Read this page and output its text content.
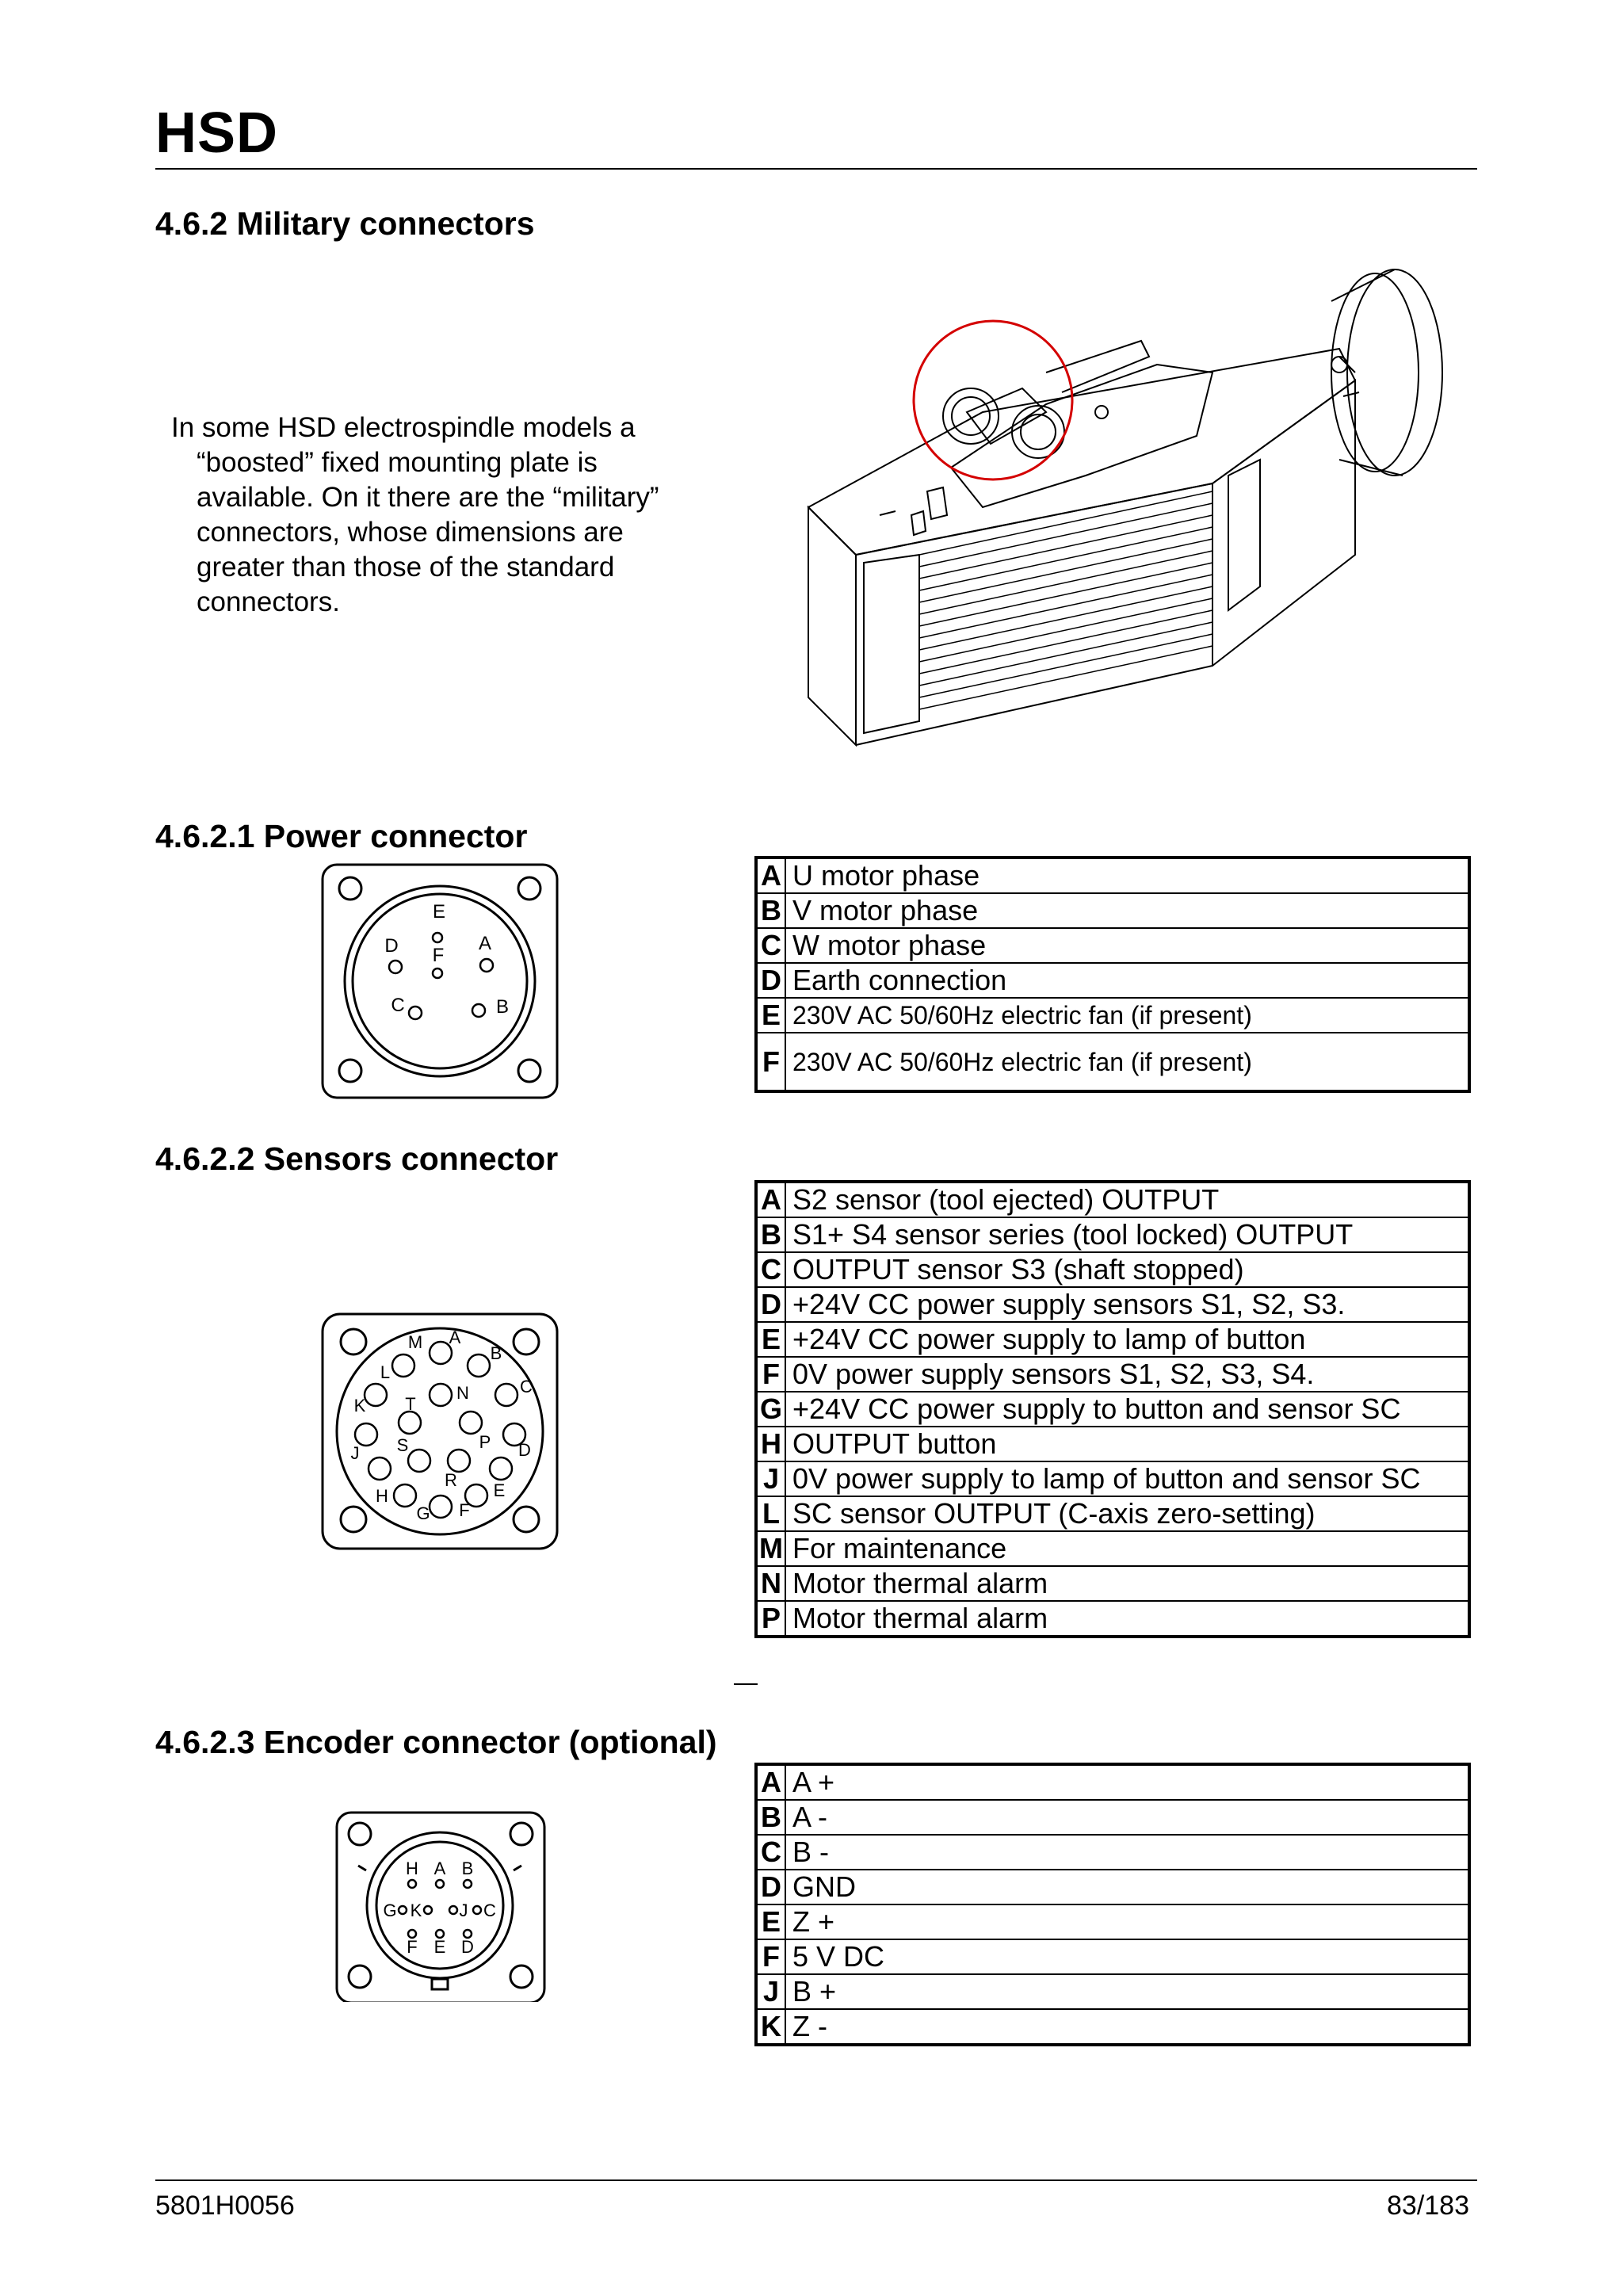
HSD
4.6.2 Military connectors
In some HSD electrospindle models a
“boosted” fixed mounting plate is
available. On it there are the “military”
connectors, whose dimensions are
greater than those of the standard
connectors.
4.6.2.1 Power connector
E
A
B
C
D F
A	U motor phase
B	V motor phase
C	W motor phase
D	Earth connection
E	230V AC 50/60Hz electric fan (if present)
F	230V AC 50/60Hz electric fan (if present)
4.6.2.2 Sensors connector
A
B
C
D
E
F
G
H
J
K
L
M
N
P
R
S
T
A	S2 sensor (tool ejected) OUTPUT
B	S1+ S4 sensor series (tool locked) OUTPUT
C	OUTPUT sensor S3 (shaft stopped)
D	+24V CC power supply sensors S1, S2, S3.
E	+24V CC power supply to lamp of button
F	0V power supply sensors S1, S2, S3, S4.
G	+24V CC power supply to button and sensor SC
H	OUTPUT button
J	0V power supply to lamp of button and sensor SC
L	SC sensor OUTPUT (C-axis zero-setting)
M	For maintenance
N	Motor thermal alarm
P	Motor thermal alarm
4.6.2.3 Encoder connector (optional)
H A B
G K J C
F E D
A	A +
B	A -
C	B -
D	GND
E	Z +
F	5 V DC
J	B +
K	Z -
5801H0056	83/183
